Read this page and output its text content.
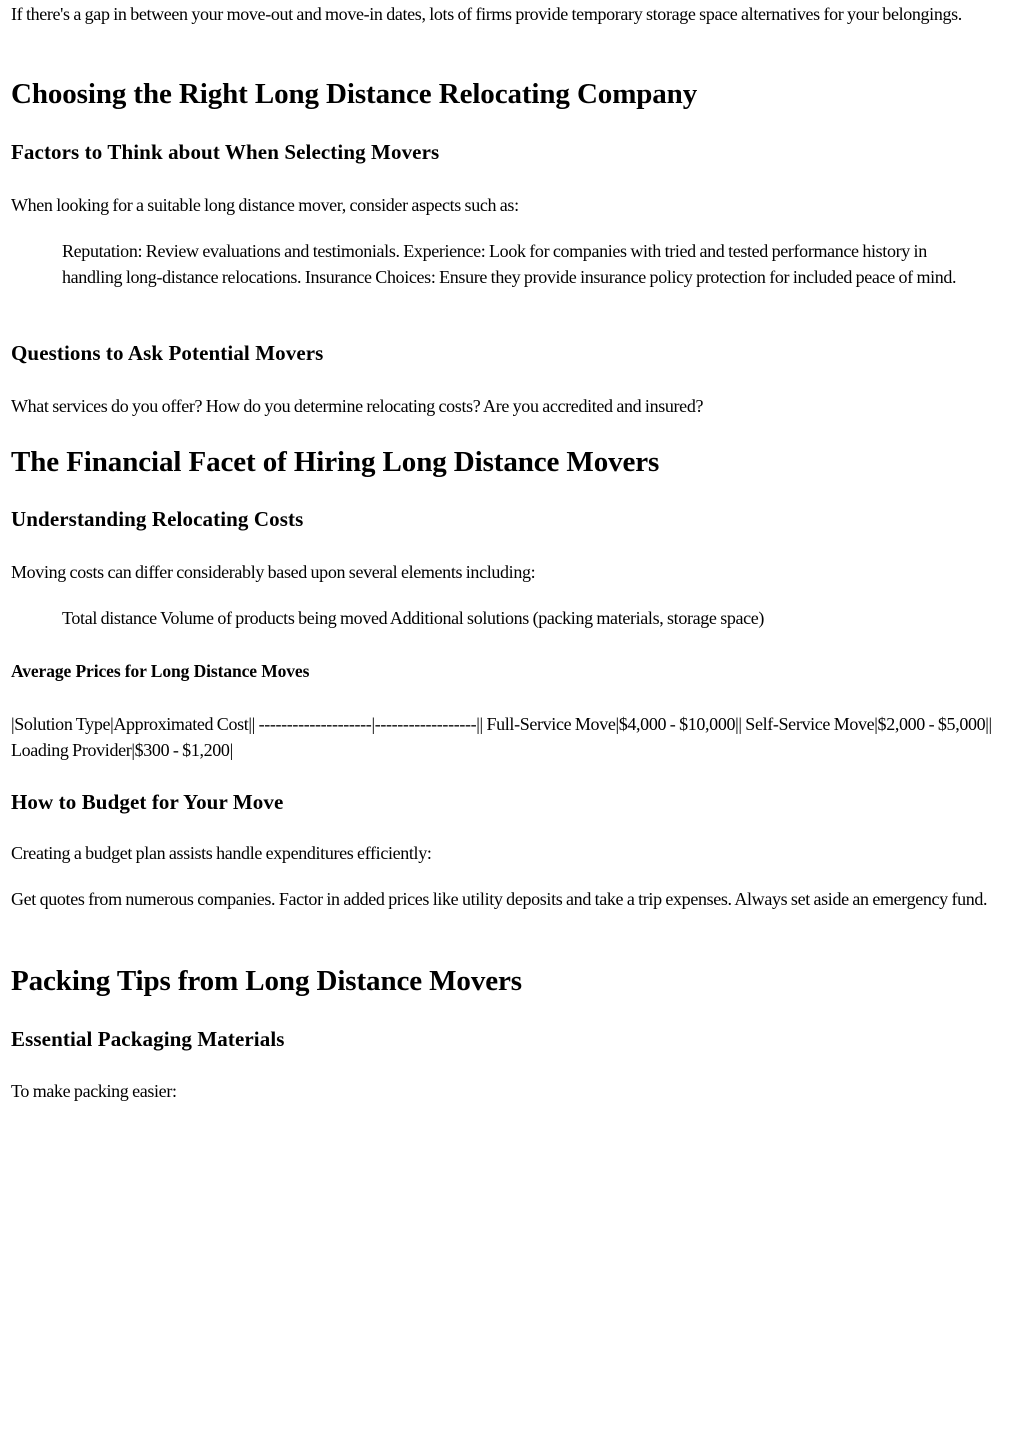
If there's a gap in between your move-out and move-in dates, lots of firms provide temporary storage space alternatives for your belongings.

Choosing the Right Long Distance Relocating Company
Factors to Think about When Selecting Movers

When looking for a suitable long distance mover, consider aspects such as:

Reputation: Review evaluations and testimonials. Experience: Look for companies with tried and tested performance history in handling long-distance relocations. Insurance Choices: Ensure they provide insurance policy protection for included peace of mind.

Questions to Ask Potential Movers

What services do you offer? How do you determine relocating costs? Are you accredited and insured?

The Financial Facet of Hiring Long Distance Movers
Understanding Relocating Costs

Moving costs can differ considerably based upon several elements including:

Total distance Volume of products being moved Additional solutions (packing materials, storage space)

Average Prices for Long Distance Moves

|Solution Type|Approximated Cost|| --------------------|------------------|| Full-Service Move|$4,000 - $10,000|| Self-Service Move|$2,000 - $5,000|| Loading Provider|$300 - $1,200|

How to Budget for Your Move

Creating a budget plan assists handle expenditures efficiently:

Get quotes from numerous companies. Factor in added prices like utility deposits and take a trip expenses. Always set aside an emergency fund.

Packing Tips from Long Distance Movers
Essential Packaging Materials

To make packing easier:
